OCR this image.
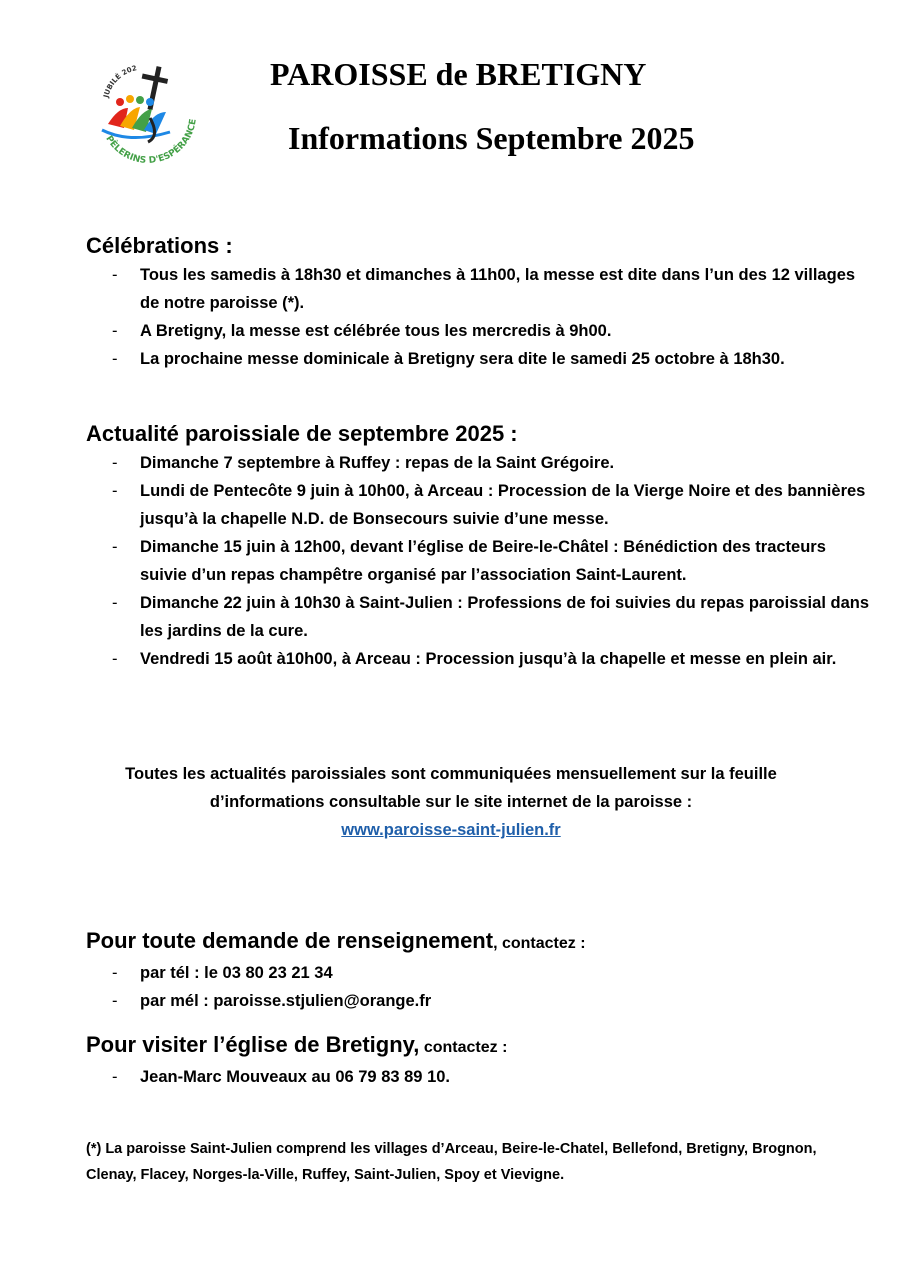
JUBILÉ 202
PÈLERINS D'ESPÉRANCE
PAROISSE de BRETIGNY
Informations Septembre 2025
Célébrations :
- Tous les samedis à 18h30 et dimanches à 11h00, la messe est dite dans l’un des 12 villages de notre paroisse (*).
- A Bretigny, la messe est célébrée tous les mercredis à 9h00.
- La prochaine messe dominicale à Bretigny sera dite le samedi 25 octobre à 18h30.
Actualité paroissiale de septembre 2025 :
- Dimanche 7 septembre à Ruffey : repas de la Saint Grégoire.
- Lundi de Pentecôte 9 juin à 10h00, à Arceau : Procession de la Vierge Noire et des bannières jusqu’à la chapelle N.D. de Bonsecours suivie d’une messe.
- Dimanche 15 juin à 12h00, devant l’église de Beire-le-Châtel : Bénédiction des tracteurs suivie d’un repas champêtre organisé par l’association Saint-Laurent.
- Dimanche 22 juin à 10h30 à Saint-Julien : Professions de foi suivies du repas paroissial dans les jardins de la cure.
- Vendredi 15 août à10h00, à Arceau : Procession jusqu’à la chapelle et messe en plein air.
Toutes les actualités paroissiales sont communiquées mensuellement sur la feuille
d’informations consultable sur le site internet de la paroisse :
www.paroisse-saint-julien.fr
Pour toute demande de renseignement, contactez :
- par tél : le 03 80 23 21 34
- par mél : paroisse.stjulien@orange.fr
Pour visiter l’église de Bretigny, contactez :
- Jean-Marc Mouveaux au 06 79 83 89 10.
(*) La paroisse Saint-Julien comprend les villages d’Arceau, Beire-le-Chatel, Bellefond, Bretigny, Brognon, Clenay, Flacey, Norges-la-Ville, Ruffey, Saint-Julien, Spoy et Vievigne.
